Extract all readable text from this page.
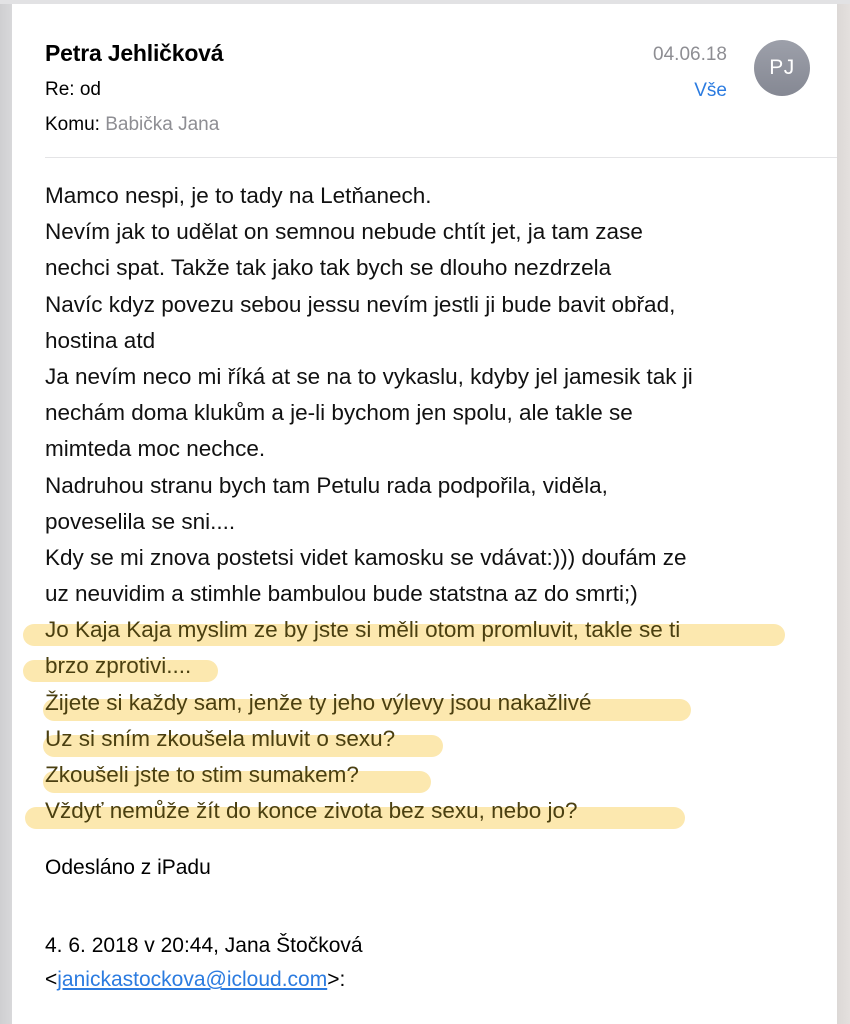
Petra Jehličková
Re: od
Komu: Babička Jana
04.06.18
Vše
PJ
Mamco nespi, je to tady na Letňanech.
Nevím jak to udělat on semnou nebude chtít jet, ja tam zase
nechci spat. Takže tak jako tak bych se dlouho nezdrzela
Navíc kdyz povezu sebou jessu nevím jestli ji bude bavit obřad,
hostina atd
Ja nevím neco mi říká at se na to vykaslu, kdyby jel jamesik tak ji
nechám doma klukům a je-li bychom jen spolu, ale takle se
mimteda moc nechce.
Nadruhou stranu bych tam Petulu rada podpořila, viděla,
poveselila se sni....
Kdy se mi znova postetsi videt kamosku se vdávat:))) doufám ze
uz neuvidim a stimhle bambulou bude statstna az do smrti;)
Jo Kaja Kaja myslim ze by jste si měli otom promluvit, takle se ti
brzo zprotivi....
Žijete si každy sam, jenže ty jeho výlevy jsou nakažlivé
Uz si sním zkoušela mluvit o sexu?
Zkoušeli jste to stim sumakem?
Vždyť nemůže žít do konce zivota bez sexu, nebo jo?
Odesláno z iPadu
4. 6. 2018 v 20:44, Jana Štočková
<janickastockova@icloud.com>:
